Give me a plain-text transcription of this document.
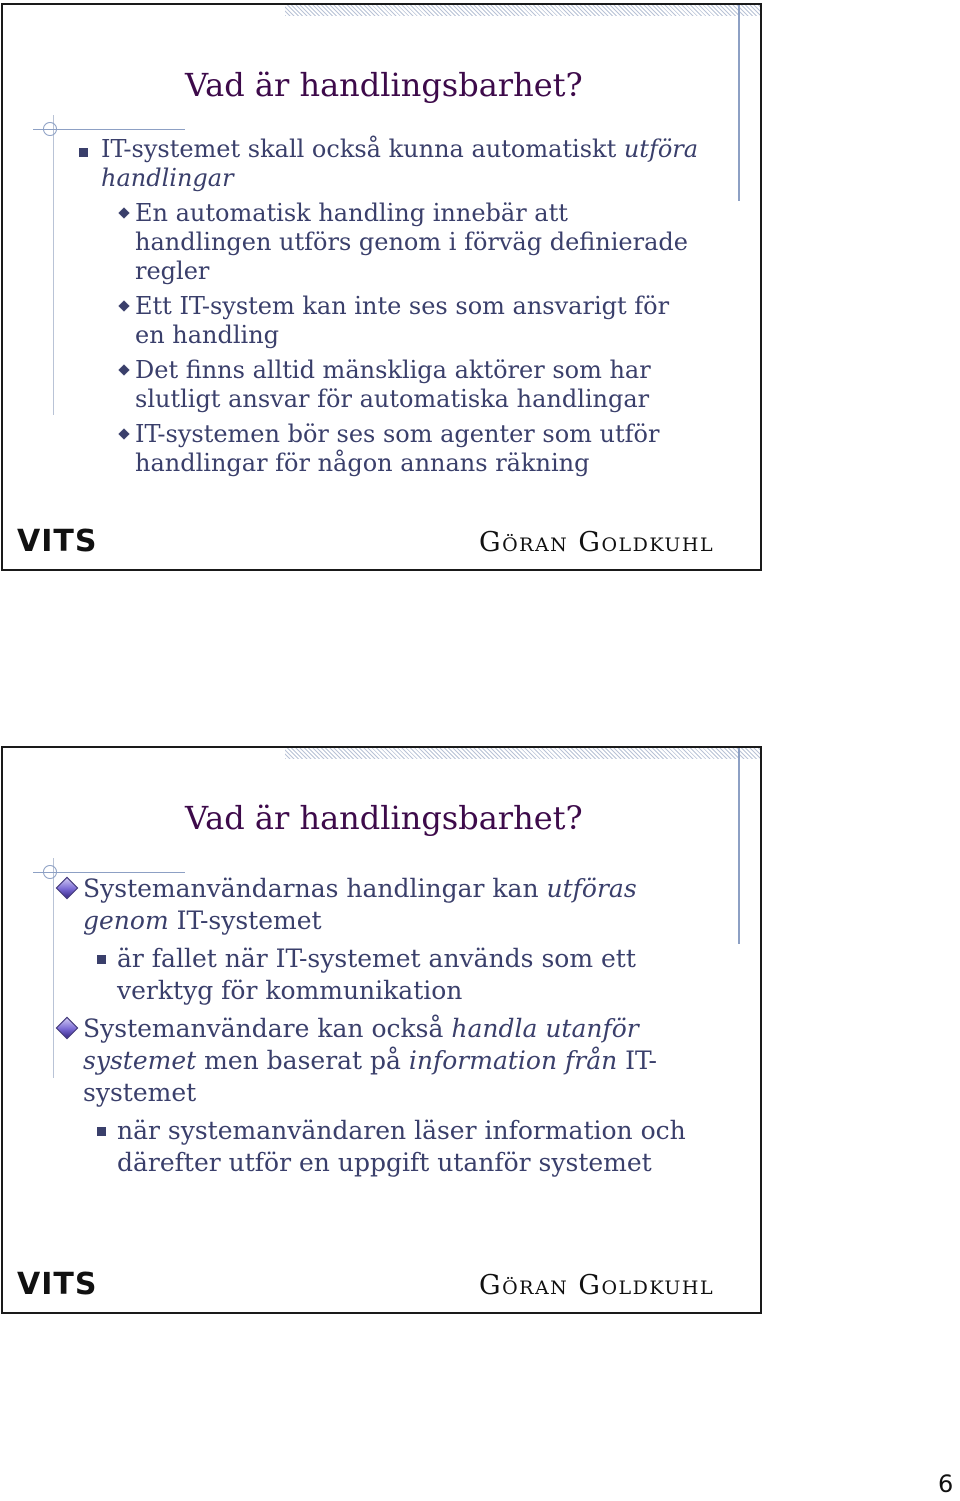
Vad är handlingsbarhet?

IT-systemet skall också kunna automatiskt utföra handlingar

En automatisk handling innebär att handlingen utförs genom i förväg definierade regler

Ett IT-system kan inte ses som ansvarigt för en handling

Det finns alltid mänskliga aktörer som har slutligt ansvar för automatiska handlingar

IT-systemen bör ses som agenter som utför handlingar för någon annans räkning

VITS	Göran Goldkuhl

Vad är handlingsbarhet?

Systemanvändarnas handlingar kan utföras genom IT-systemet

är fallet när IT-systemet används som ett verktyg för kommunikation

Systemanvändare kan också handla utanför systemet men baserat på information från IT-systemet

när systemanvändaren läser information och därefter utför en uppgift utanför systemet

VITS	Göran Goldkuhl

6
